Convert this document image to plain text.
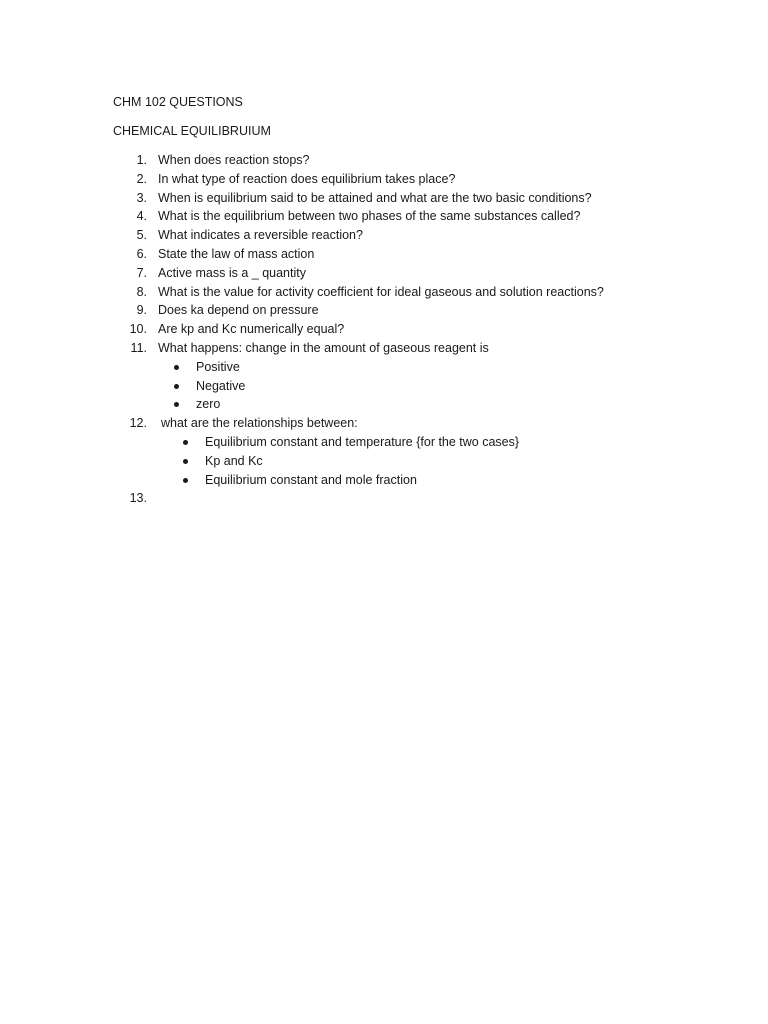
CHM 102 QUESTIONS
CHEMICAL EQUILIBRUIUM
1. When does reaction stops?
2. In what type of reaction does equilibrium takes place?
3. When is equilibrium said to be attained and what are the two basic conditions?
4. What is the equilibrium between two phases of the same substances called?
5. What indicates a reversible reaction?
6. State the law of mass action
7. Active mass is a _ quantity
8. What is the value for activity coefficient for ideal gaseous and solution reactions?
9. Does ka depend on pressure
10. Are kp and Kc numerically equal?
11. What happens: change in the amount of gaseous reagent is
Positive
Negative
zero
12. what are the relationships between:
Equilibrium constant and temperature {for the two cases}
Kp and Kc
Equilibrium constant and mole fraction
13.
